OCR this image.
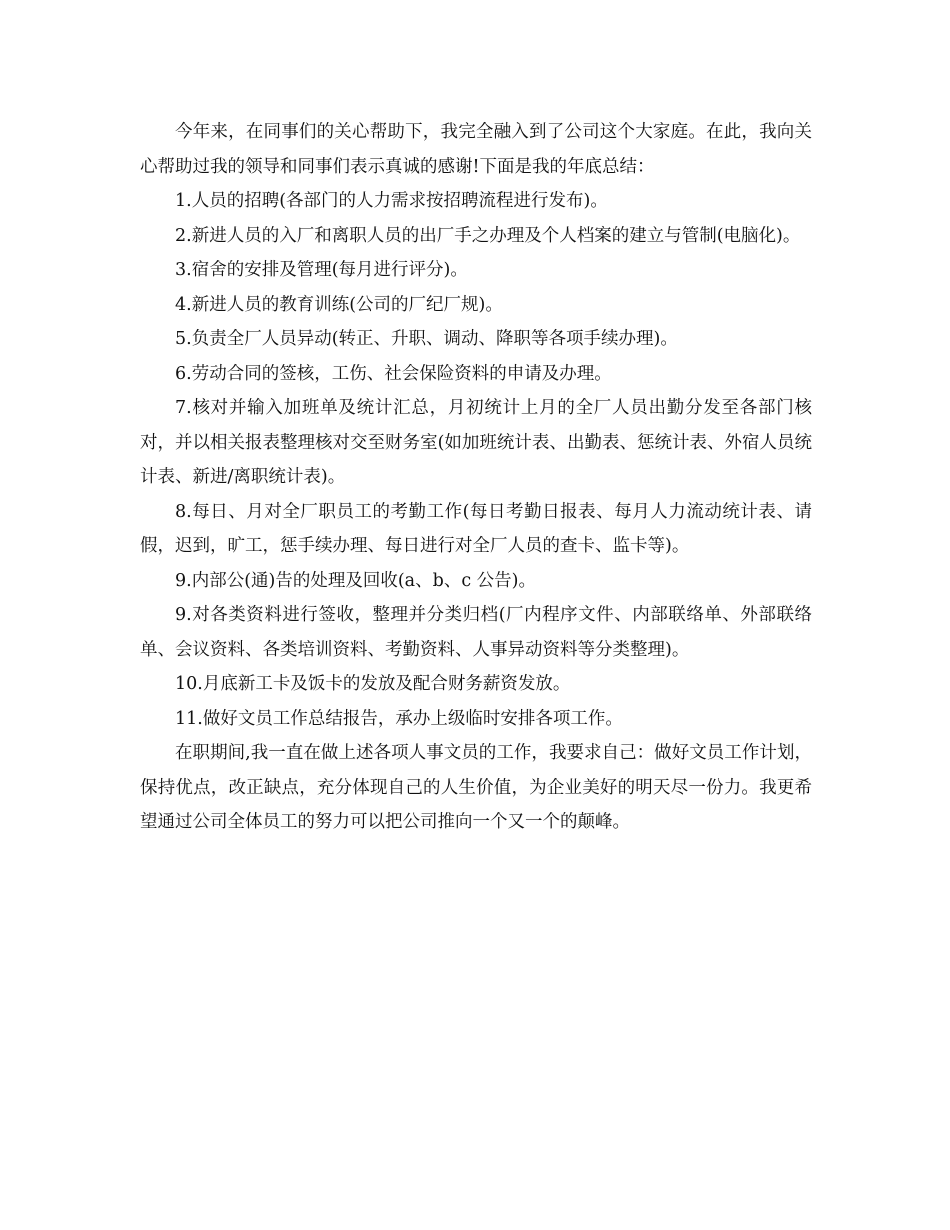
今年来，在同事们的关心帮助下，我完全融入到了公司这个大家庭。在此，我向关心帮助过我的领导和同事们表示真诚的感谢!下面是我的年底总结：

1.人员的招聘(各部门的人力需求按招聘流程进行发布)。

2.新进人员的入厂和离职人员的出厂手之办理及个人档案的建立与管制(电脑化)。

3.宿舍的安排及管理(每月进行评分)。

4.新进人员的教育训练(公司的厂纪厂规)。

5.负责全厂人员异动(转正、升职、调动、降职等各项手续办理)。

6.劳动合同的签核，工伤、社会保险资料的申请及办理。

7.核对并输入加班单及统计汇总，月初统计上月的全厂人员出勤分发至各部门核对，并以相关报表整理核对交至财务室(如加班统计表、出勤表、惩统计表、外宿人员统计表、新进/离职统计表)。

8.每日、月对全厂职员工的考勤工作(每日考勤日报表、每月人力流动统计表、请假，迟到，旷工，惩手续办理、每日进行对全厂人员的查卡、监卡等)。

9.内部公(通)告的处理及回收(a、b、c 公告)。

9.对各类资料进行签收，整理并分类归档(厂内程序文件、内部联络单、外部联络单、会议资料、各类培训资料、考勤资料、人事异动资料等分类整理)。

10.月底新工卡及饭卡的发放及配合财务薪资发放。

11.做好文员工作总结报告，承办上级临时安排各项工作。

在职期间,我一直在做上述各项人事文员的工作，我要求自己：做好文员工作计划，保持优点，改正缺点，充分体现自己的人生价值，为企业美好的明天尽一份力。我更希望通过公司全体员工的努力可以把公司推向一个又一个的颠峰。
